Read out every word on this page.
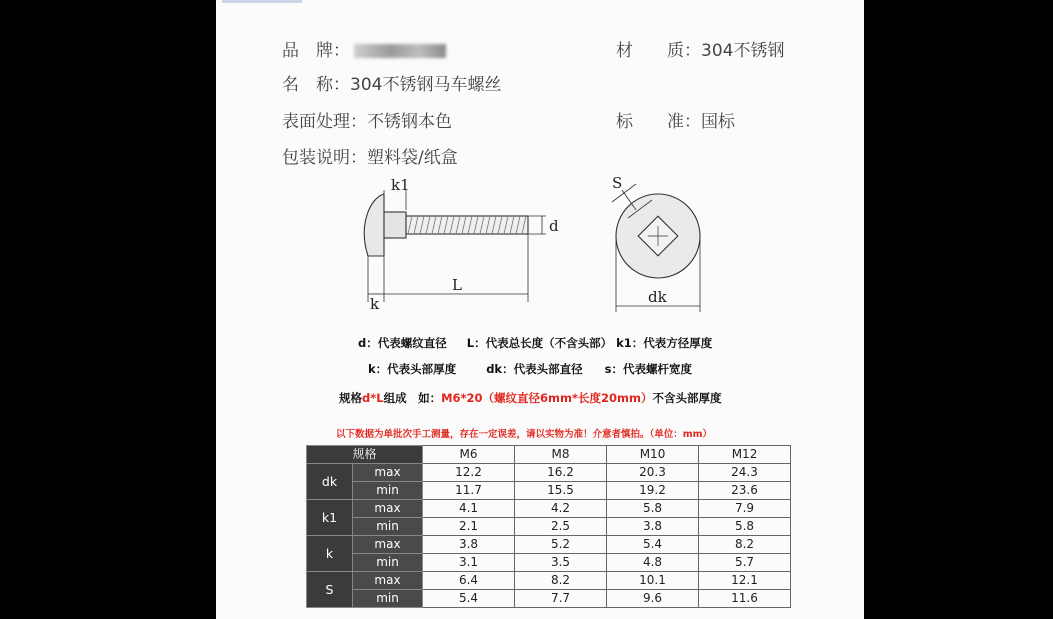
品　牌：	材　　质：304不锈钢
名　称：304不锈钢马车螺丝
表面处理：不锈钢本色	标　　准：国标
包装说明：塑料袋/纸盒
k1
d
L
k
S
dk
d：代表螺纹直径 L：代表总长度（不含头部） k1：代表方径厚度
k：代表头部厚度	dk：代表头部直径 s：代表螺杆宽度
规格d*L组成　如：M6*20（螺纹直径6mm*长度20mm）不含头部厚度
以下数据为单批次手工测量，存在一定误差，请以实物为准！介意者慎拍。（单位：mm）
规格		M6	M8	M10	M12
dk	max	12.2	16.2	20.3	24.3
	min	11.7	15.5	19.2	23.6
k1	max	4.1	4.2	5.8	7.9
	min	2.1	2.5	3.8	5.8
k	max	3.8	5.2	5.4	8.2
	min	3.1	3.5	4.8	5.7
S	max	6.4	8.2	10.1	12.1
	min	5.4	7.7	9.6	11.6
